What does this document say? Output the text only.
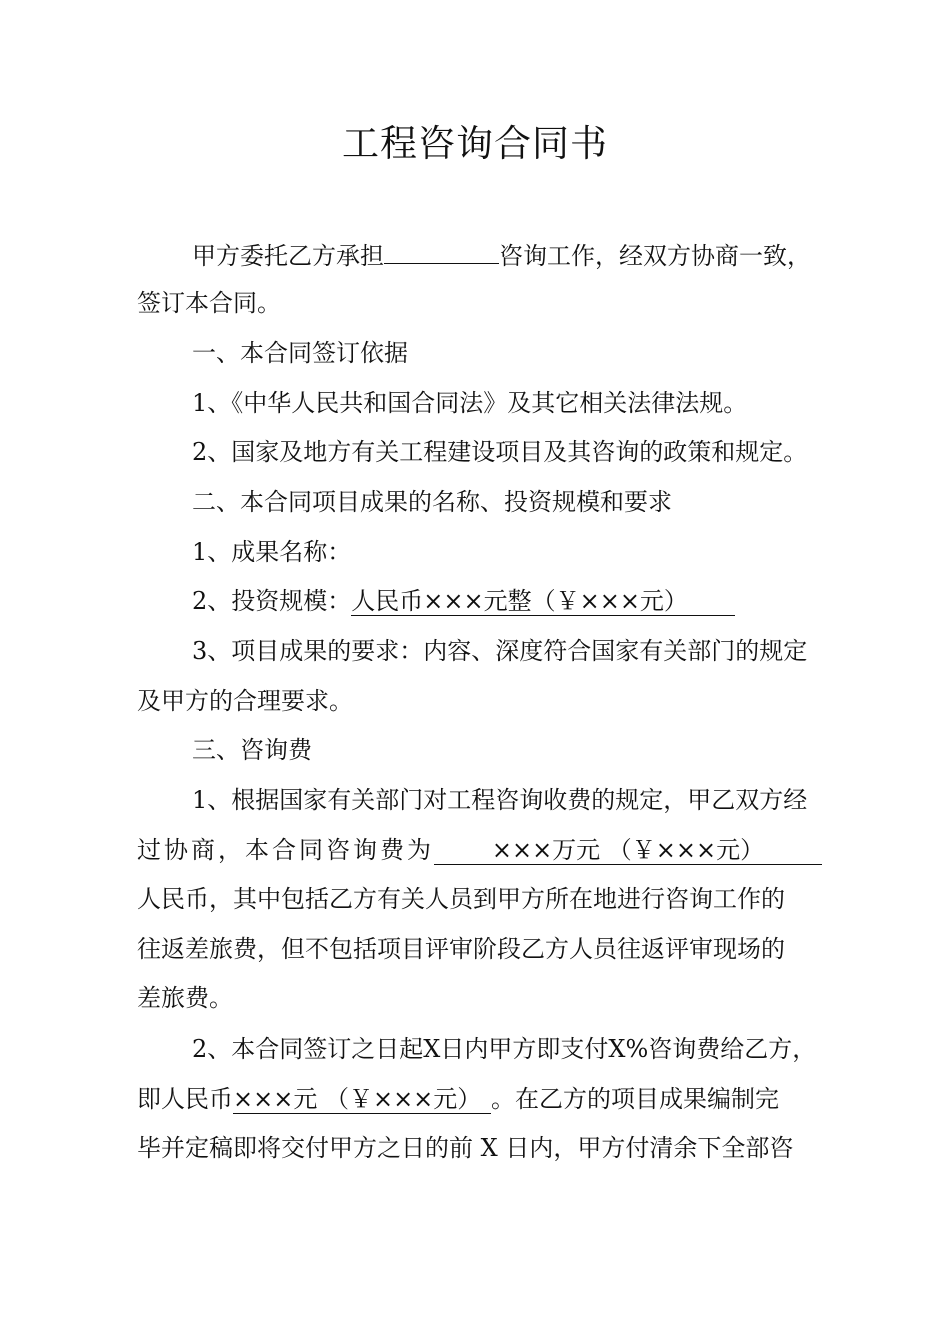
工程咨询合同书
甲方委托乙方承担	咨询工作，经双方协商一致，
签订本合同。
一、本合同签订依据
1、《中华人民共和国合同法》及其它相关法律法规。
2、国家及地方有关工程建设项目及其咨询的政策和规定。
二、本合同项目成果的名称、投资规模和要求
1、成果名称：
2、投资规模：人民币×××元整（￥×××元）
3、项目成果的要求：内容、深度符合国家有关部门的规定
及甲方的合理要求。
三、咨询费
1、根据国家有关部门对工程咨询收费的规定，甲乙双方经
过协商，本合同咨询费为 ×××万元 （￥×××元）
人民币，其中包括乙方有关人员到甲方所在地进行咨询工作的
往返差旅费，但不包括项目评审阶段乙方人员往返评审现场的
差旅费。
2、本合同签订之日起X日内甲方即支付X%咨询费给乙方，
即人民币×××元 （￥×××元） 。在乙方的项目成果编制完
毕并定稿即将交付甲方之日的前 X 日内，甲方付清余下全部咨
